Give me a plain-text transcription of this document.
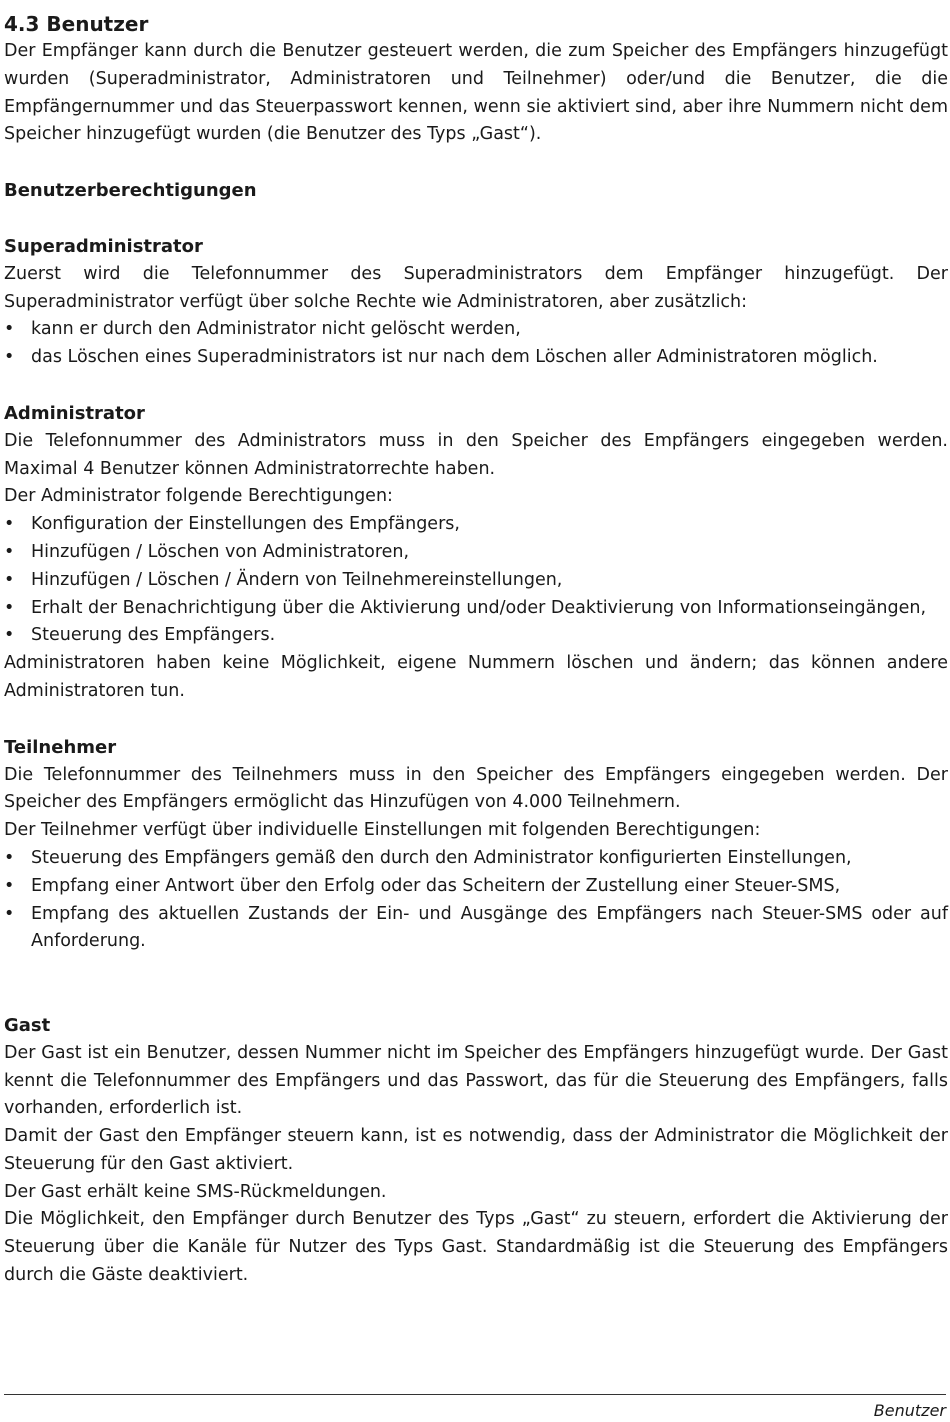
4.3 Benutzer

Der Empfänger kann durch die Benutzer gesteuert werden, die zum Speicher des Empfängers hinzugefügt wurden (Superadministrator, Administratoren und Teilnehmer) oder/und die Benutzer, die die Empfängernummer und das Steuerpasswort kennen, wenn sie aktiviert sind, aber ihre Nummern nicht dem Speicher hinzugefügt wurden (die Benutzer des Typs „Gast“).

Benutzerberechtigungen
Superadministrator

Zuerst wird die Telefonnummer des Superadministrators dem Empfänger hinzugefügt. Der Superadministrator verfügt über solche Rechte wie Administratoren, aber zusätzlich:

• kann er durch den Administrator nicht gelöscht werden,
• das Löschen eines Superadministrators ist nur nach dem Löschen aller Administratoren möglich.
Administrator

Die Telefonnummer des Administrators muss in den Speicher des Empfängers eingegeben werden. Maximal 4 Benutzer können Administratorrechte haben.

Der Administrator folgende Berechtigungen:

• Konfiguration der Einstellungen des Empfängers,
• Hinzufügen / Löschen von Administratoren,
• Hinzufügen / Löschen / Ändern von Teilnehmereinstellungen,
• Erhalt der Benachrichtigung über die Aktivierung und/oder Deaktivierung von Informationseingängen,
• Steuerung des Empfängers.

Administratoren haben keine Möglichkeit, eigene Nummern löschen und ändern; das können andere Administratoren tun.

Teilnehmer

Die Telefonnummer des Teilnehmers muss in den Speicher des Empfängers eingegeben werden. Der Speicher des Empfängers ermöglicht das Hinzufügen von 4.000 Teilnehmern.

Der Teilnehmer verfügt über individuelle Einstellungen mit folgenden Berechtigungen:

• Steuerung des Empfängers gemäß den durch den Administrator konfigurierten Einstellungen,
• Empfang einer Antwort über den Erfolg oder das Scheitern der Zustellung einer Steuer-SMS,
• Empfang des aktuellen Zustands der Ein- und Ausgänge des Empfängers nach Steuer-SMS oder auf Anforderung.
Gast

Der Gast ist ein Benutzer, dessen Nummer nicht im Speicher des Empfängers hinzugefügt wurde. Der Gast kennt die Telefonnummer des Empfängers und das Passwort, das für die Steuerung des Empfängers, falls vorhanden, erforderlich ist.

Damit der Gast den Empfänger steuern kann, ist es notwendig, dass der Administrator die Möglichkeit der Steuerung für den Gast aktiviert.

Der Gast erhält keine SMS-Rückmeldungen.

Die Möglichkeit, den Empfänger durch Benutzer des Typs „Gast“ zu steuern, erfordert die Aktivierung der Steuerung über die Kanäle für Nutzer des Typs Gast. Standardmäßig ist die Steuerung des Empfängers durch die Gäste deaktiviert.

Benutzer
